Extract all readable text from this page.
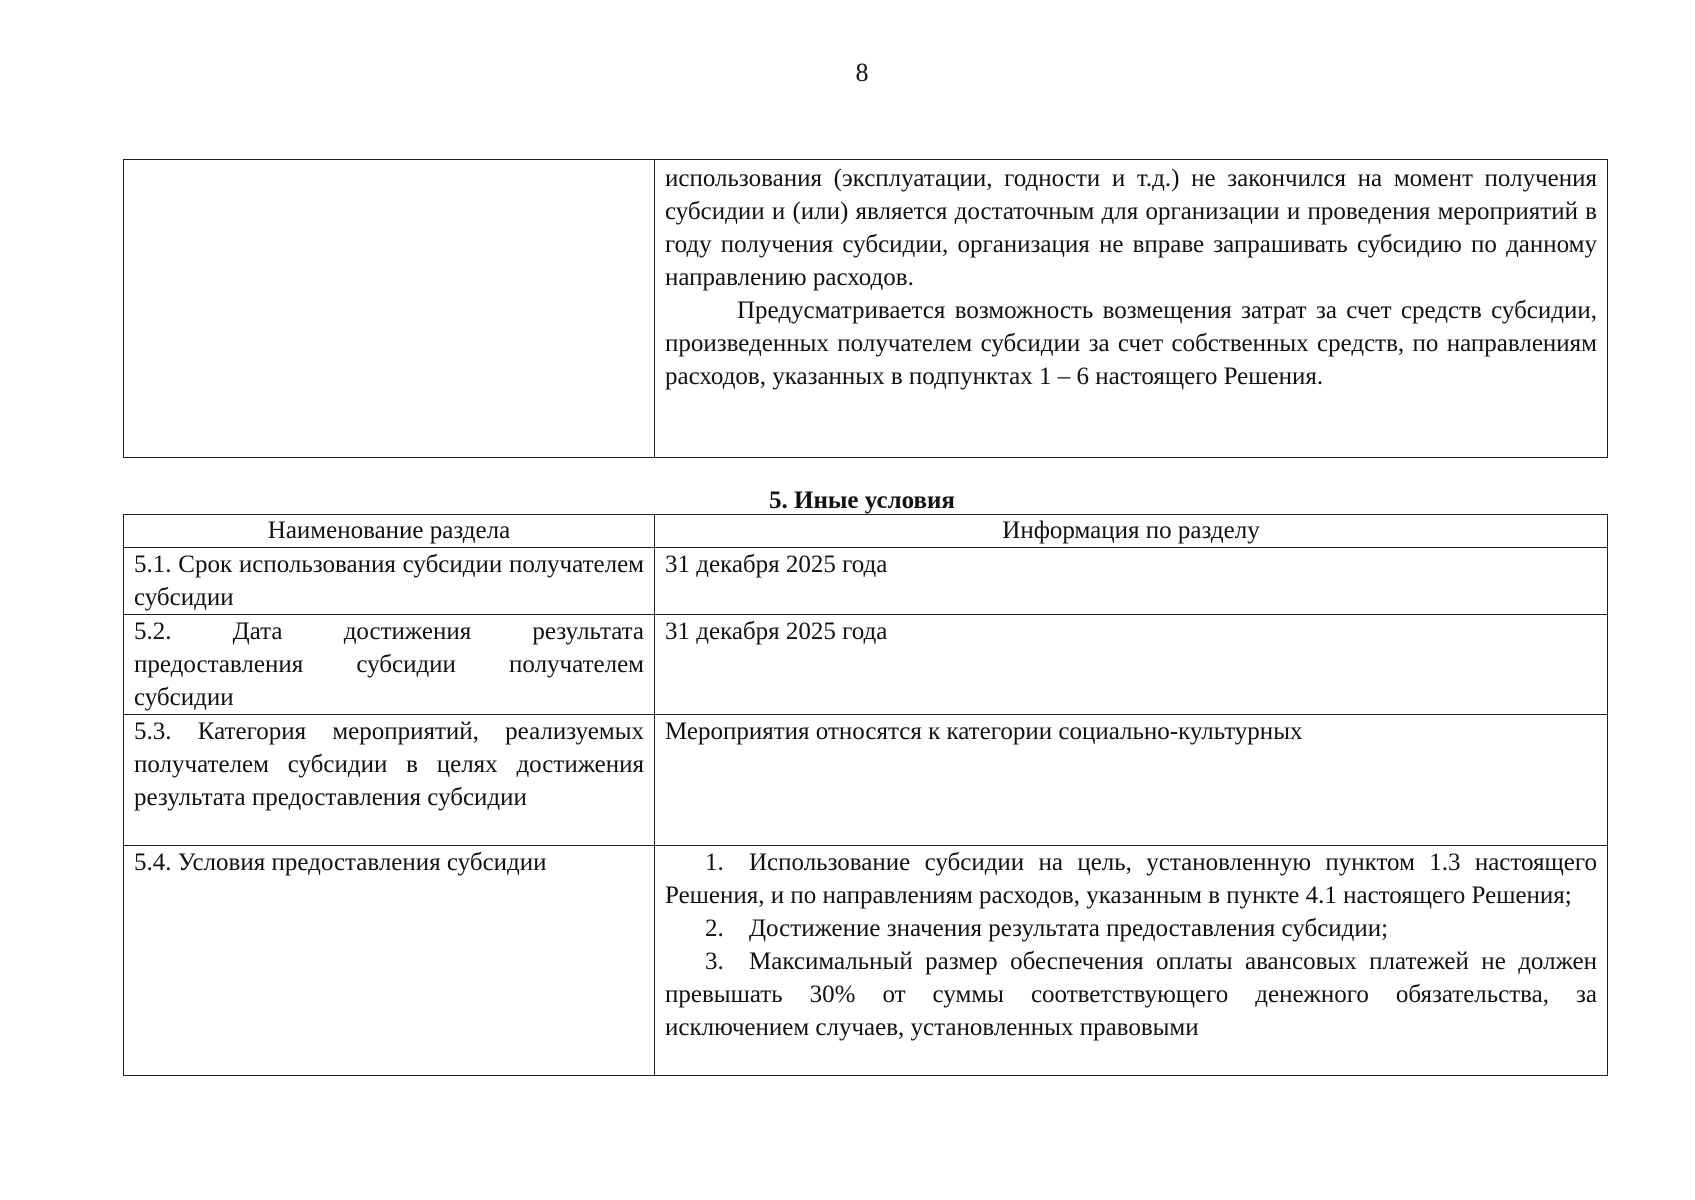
8

использования (эксплуатации, годности и т.д.) не закончился на момент получения субсидии и (или) является достаточным для организации и проведения мероприятий в году получения субсидии, организация не вправе запрашивать субсидию по данному направлению расходов.

Предусматривается возможность возмещения затрат за счет средств субсидии, произведенных получателем субсидии за счет собственных средств, по направлениям расходов, указанных в подпунктах 1 – 6 настоящего Решения.

5. Иные условия
Наименование раздела	Информация по разделу
5.1. Срок использования субсидии получателем субсидии	31 декабря 2025 года
5.2. Дата достижения результата предоставления субсидии получателем субсидии	31 декабря 2025 года
5.3. Категория мероприятий, реализуемых получателем субсидии в целях достижения результата предоставления субсидии	Мероприятия относятся к категории социально-культурных
5.4. Условия предоставления субсидии	1. Использование субсидии на цель, установленную пунктом 1.3 настоящего Решения, и по направлениям расходов, указанным в пункте 4.1 настоящего Решения;

2. Достижение значения результата предоставления субсидии;

3. Максимальный размер обеспечения оплаты авансовых платежей не должен превышать 30% от суммы соответствующего денежного обязательства, за исключением случаев, установленных правовыми
